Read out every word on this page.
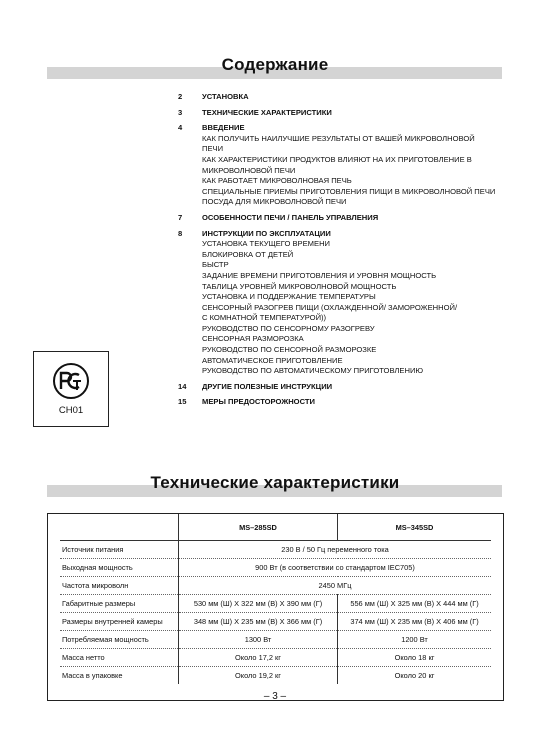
Содержание
2	УСТАНОВКА
3	ТЕХНИЧЕСКИЕ ХАРАКТЕРИСТИКИ
4	ВВЕДЕНИЕ
КАК ПОЛУЧИТЬ НАИЛУЧШИЕ РЕЗУЛЬТАТЫ ОТ ВАШЕЙ МИКРОВОЛНОВОЙ
ПЕЧИ
КАК ХАРАКТЕРИСТИКИ ПРОДУКТОВ ВЛИЯЮТ НА ИХ ПРИГОТОВЛЕНИЕ В
МИКРОВОЛНОВОЙ ПЕЧИ
КАК РАБОТАЕТ МИКРОВОЛНОВАЯ ПЕЧЬ
СПЕЦИАЛЬНЫЕ ПРИЕМЫ ПРИГОТОВЛЕНИЯ ПИЩИ В МИКРОВОЛНОВОЙ ПЕЧИ
ПОСУДА ДЛЯ МИКРОВОЛНОВОЙ ПЕЧИ
7	ОСОБЕННОСТИ ПЕЧИ / ПАНЕЛЬ УПРАВЛЕНИЯ
8	ИНСТРУКЦИИ ПО ЭКСПЛУАТАЦИИ
УСТАНОВКА ТЕКУЩЕГО ВРЕМЕНИ
БЛОКИРОВКА ОТ ДЕТЕЙ
БЫСТР
ЗАДАНИЕ ВРЕМЕНИ ПРИГОТОВЛЕНИЯ И УРОВНЯ МОЩНОСТЬ
ТАБЛИЦА УРОВНЕЙ МИКРОВОЛНОВОЙ МОЩНОСТЬ
УСТАНОВКА И ПОДДЕРЖАНИЕ ТЕМПЕРАТУРЫ
СЕНСОРНЫЙ РАЗОГРЕВ ПИЩИ (ОХЛАЖДЕННОЙ/ ЗАМОРОЖЕННОЙ/
С КОМНАТНОЙ ТЕМПЕРАТУРОЙ))
РУКОВОДСТВО ПО СЕНСОРНОМУ РАЗОГРЕВУ
СЕНСОРНАЯ РАЗМОРОЗКА
РУКОВОДСТВО ПО СЕНСОРНОЙ РАЗМОРОЗКЕ
АВТОМАТИЧЕСКОЕ ПРИГОТОВЛЕНИЕ
РУКОВОДСТВО ПО АВТОМАТИЧЕСКОМУ ПРИГОТОВЛЕНИЮ
14	ДРУГИЕ ПОЛЕЗНЫЕ ИНСТРУКЦИИ
15	МЕРЫ ПРЕДОСТОРОЖНОСТИ
CH01
Технические характеристики
	MS–285SD	MS–345SD
Источник питания	230 В / 50 Гц переменного тока	
Выходная мощность	900 Вт (в соответствии со стандартом IEC705)	
Частота микроволн	2450 МГц	
Габаритные размеры	530 мм (Ш) X 322 мм (В) X 390 мм (Г)	556 мм (Ш) X 325 мм (В) X 444 мм (Г)
Размеры внутренней камеры	348 мм (Ш) X 235 мм (В) X 366 мм (Г)	374 мм (Ш) X 235 мм (В) X 406 мм (Г)
Потребляемая мощность	1300 Вт	1200 Вт
Масса нетто	Около 17,2 кг	Около 18 кг
Масса в упаковке	Около 19,2 кг	Около 20 кг
– 3 –
